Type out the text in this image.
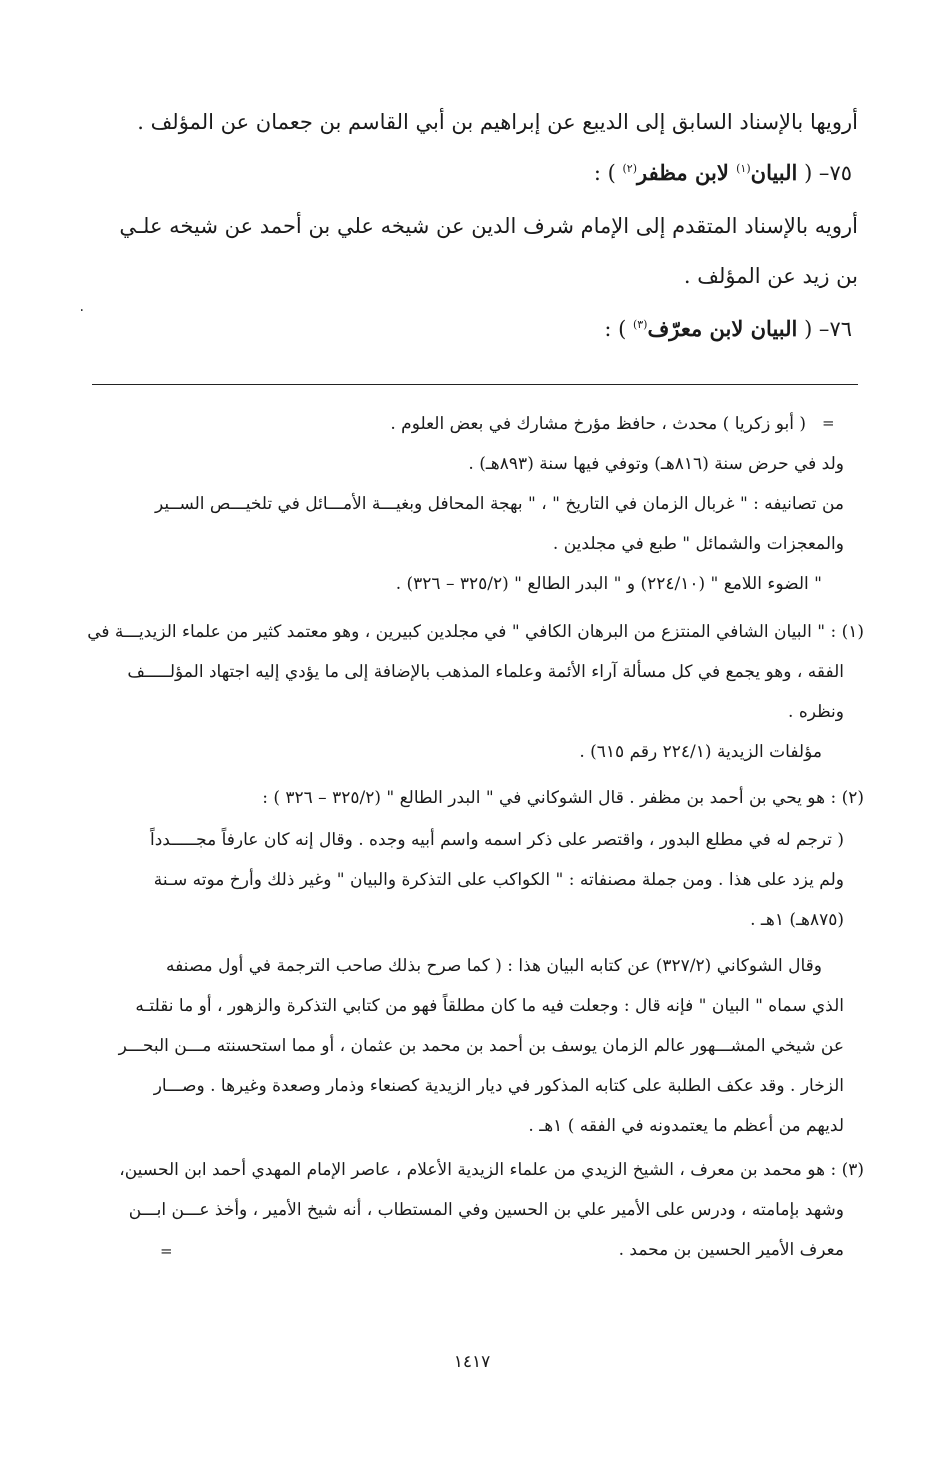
أرويها بالإسناد السابق إلى الديبع عن إبراهيم بن أبي القاسم بن جعمان عن المؤلف .
٧٥– ( البيان$^{(١)}$ لابن مظفر$^{(٢)}$ ) :
أرويه بالإسناد المتقدم إلى الإمام شرف الدين عن شيخه علي بن أحمد عن شيخه علـي
بن زيد عن المؤلف .
٧٦– ( البيان لابن معرّف$^{(٣)}$ ) :
٠
=
( أبو زكريا ) محدث ، حافظ مؤرخ مشارك في بعض العلوم .
ولد في حرض سنة (٨١٦هـ) وتوفي فيها سنة (٨٩٣هـ) .
من تصانيفه : " غربال الزمان في التاريخ " ، " بهجة المحافل وبغيـــة الأمـــائل في تلخيـــص الســير
والمعجزات والشمائل " طبع في مجلدين .
" الضوء اللامع " (٢٢٤/١٠) و " البدر الطالع " (٣٢٥/٢ – ٣٢٦) .
(١) : " البيان الشافي المنتزع من البرهان الكافي " في مجلدين كبيرين ، وهو معتمد كثير من علماء الزيديـــة في
الفقه ، وهو يجمع في كل مسألة آراء الأئمة وعلماء المذهب بالإضافة إلى ما يؤدي إليه اجتهاد المؤلـــــف
ونظره .
مؤلفات الزيدية (٢٢٤/١ رقم ٦١٥) .
(٢) : هو يحي بن أحمد بن مظفر . قال الشوكاني في " البدر الطالع " (٣٢٥/٢ – ٣٢٦ ) :
( ترجم له في مطلع البدور ، واقتصر على ذكر اسمه واسم أبيه وجده . وقال إنه كان عارفاً مجـــــدداً
ولم يزد على هذا . ومن جملة مصنفاته : " الكواكب على التذكرة والبيان " وغير ذلك وأرخ موته سـنة
(٨٧٥هـ) ١هـ .
وقال الشوكاني (٣٢٧/٢) عن كتابه البيان هذا : ( كما صرح بذلك صاحب الترجمة في أول مصنفه
الذي سماه " البيان " فإنه قال : وجعلت فيه ما كان مطلقاً فهو من كتابي التذكرة والزهور ، أو ما نقلتـه
عن شيخي المشـــهور عالم الزمان يوسف بن أحمد بن محمد بن عثمان ، أو مما استحسنته مـــن البحـــر
الزخار . وقد عكف الطلبة على كتابه المذكور في ديار الزيدية كصنعاء وذمار وصعدة وغيرها . وصـــار
لديهم من أعظم ما يعتمدونه في الفقه ) ١هـ .
(٣) : هو محمد بن معرف ، الشيخ الزيدي من علماء الزيدية الأعلام ، عاصر الإمام المهدي أحمد ابن الحسين،
وشهد بإمامته ، ودرس على الأمير علي بن الحسين وفي المستطاب ، أنه شيخ الأمير ، وأخذ عـــن ابـــن
معرف الأمير الحسين بن محمد .
=
١٤١٧
